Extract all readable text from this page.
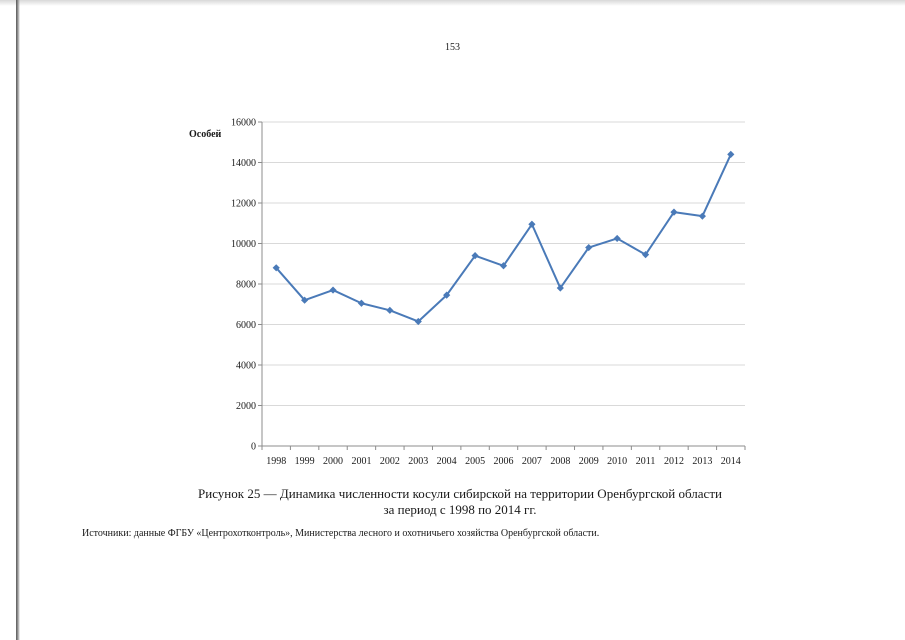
153
0
2000
4000
6000
8000
10000
12000
14000
16000
1998 1999 2000 2001 2002 2003 2004 2005 2006 2007 2008 2009 2010 2011 2012 2013 2014
Особей
Рисунок 25 — Динамика численности косули сибирской на территории Оренбургской области
за период с 1998 по 2014 гг.
Источники: данные ФГБУ «Центрохотконтроль», Министерства лесного и охотничьего хозяйства Оренбургской области.
